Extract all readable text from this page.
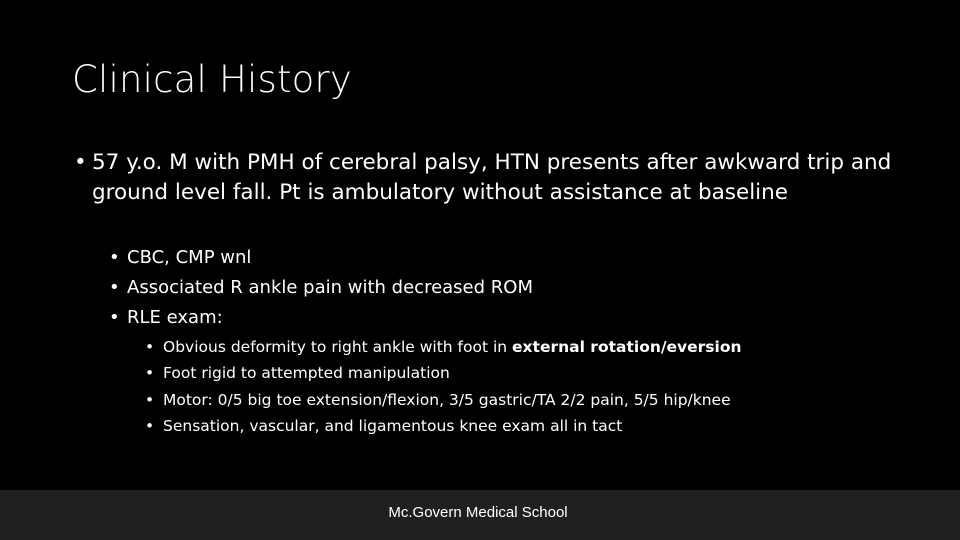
Clinical History
• 57 y.o. M with PMH of cerebral palsy, HTN presents after awkward trip and ground level fall. Pt is ambulatory without assistance at baseline
• CBC, CMP wnl
• Associated R ankle pain with decreased ROM
• RLE exam:
• Obvious deformity to right ankle with foot in external rotation/eversion
• Foot rigid to attempted manipulation
• Motor: 0/5 big toe extension/flexion, 3/5 gastric/TA 2/2 pain, 5/5 hip/knee
• Sensation, vascular, and ligamentous knee exam all in tact
Mc.Govern Medical School
